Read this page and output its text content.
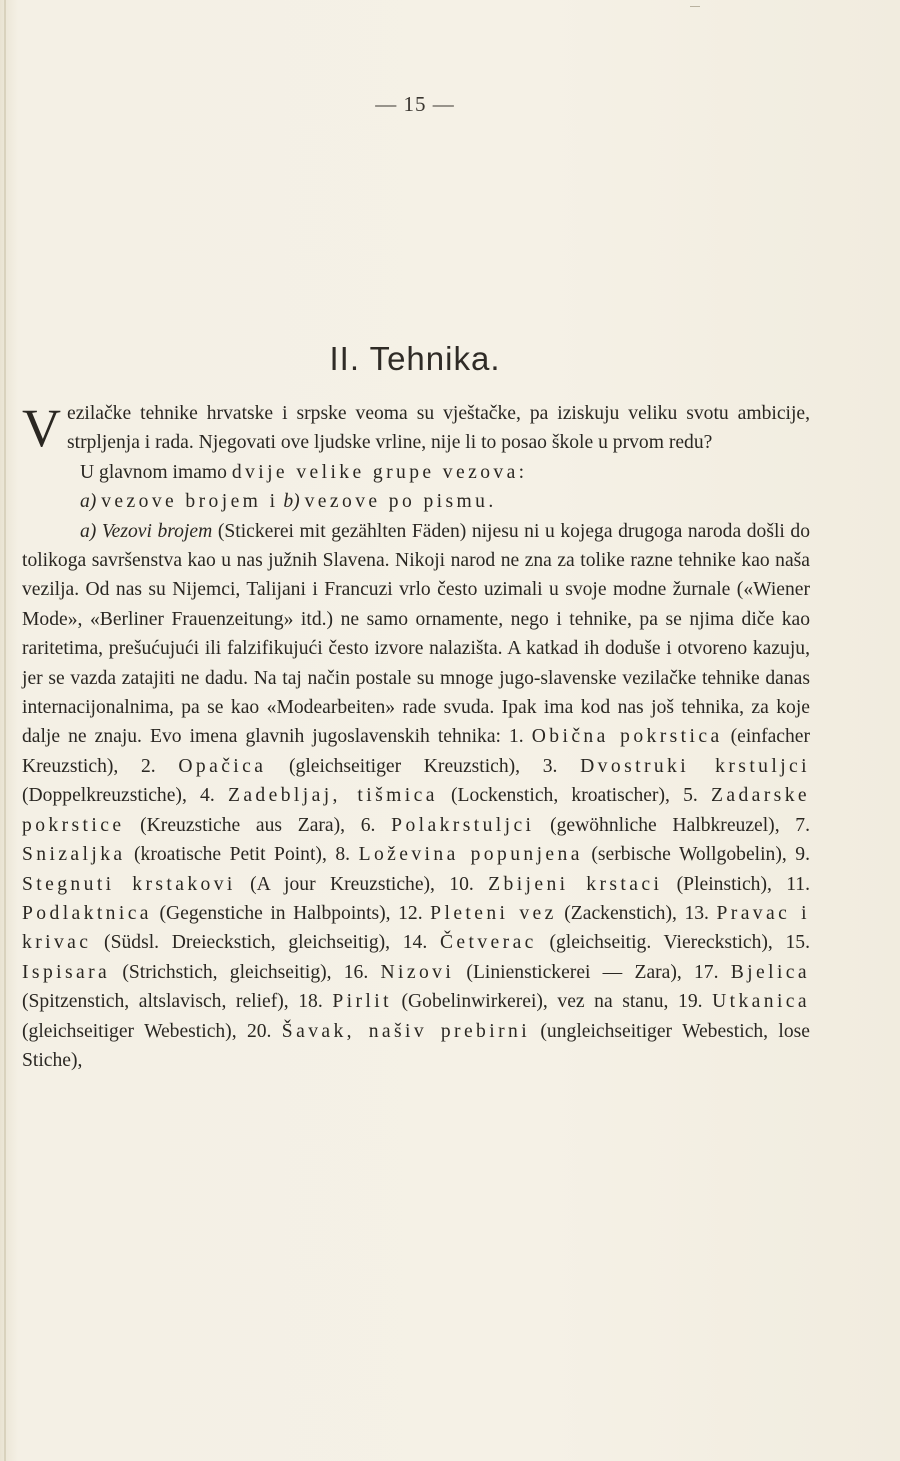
— 15 —
II. Tehnika.

Vezilačke tehnike hrvatske i srpske veoma su vještačke, pa iziskuju veliku svotu ambicije, strpljenja i rada. Njegovati ove ljudske vrline, nije li to posao škole u prvom redu?

U glavnom imamo dvije velike grupe vezova:

a) vezove brojem i b) vezove po pismu.

a) Vezovi brojem (Stickerei mit gezählten Fäden) nijesu ni u kojega drugoga naroda došli do tolikoga savršenstva kao u nas južnih Slavena. Nikoji narod ne zna za tolike razne tehnike kao naša vezilja. Od nas su Nijemci, Talijani i Francuzi vrlo često uzimali u svoje modne žurnale («Wiener Mode», «Berliner Frauenzeitung» itd.) ne samo ornamente, nego i tehnike, pa se njima diče kao raritetima, prešućujući ili falzifikujući često izvore nalazišta. A katkad ih doduše i otvoreno kazuju, jer se vazda zatajiti ne dadu. Na taj način postale su mnoge jugo-slavenske vezilačke tehnike danas internacijonalnima, pa se kao «Modearbeiten» rade svuda. Ipak ima kod nas još tehnika, za koje dalje ne znaju. Evo imena glavnih jugoslavenskih tehnika: 1. Obična pokrstica (einfacher Kreuzstich), 2. Opačica (gleichseitiger Kreuzstich), 3. Dvostruki krstuljci (Doppelkreuzstiche), 4. Zadebljaj, tišmica (Lockenstich, kroatischer), 5. Zadarske pokrstice (Kreuzstiche aus Zara), 6. Polakrstuljci (gewöhnliche Halbkreuzel), 7. Snizaljka (kroatische Petit Point), 8. Loževina popunjena (serbische Wollgobelin), 9. Stegnuti krstakovi (A jour Kreuzstiche), 10. Zbijeni krstaci (Pleinstich), 11. Podlaktnica (Gegenstiche in Halbpoints), 12. Pleteni vez (Zackenstich), 13. Pravac i krivac (Südsl. Dreieckstich, gleichseitig), 14. Četverac (gleichseitig. Viereckstich), 15. Ispisara (Strichstich, gleichseitig), 16. Nizovi (Linienstickerei — Zara), 17. Bjelica (Spitzenstich, altslavisch, relief), 18. Pirlit (Gobelinwirkerei), vez na stanu, 19. Utkanica (gleichseitiger Webestich), 20. Šavak, našiv prebirni (ungleichseitiger Webestich, lose Stiche),
